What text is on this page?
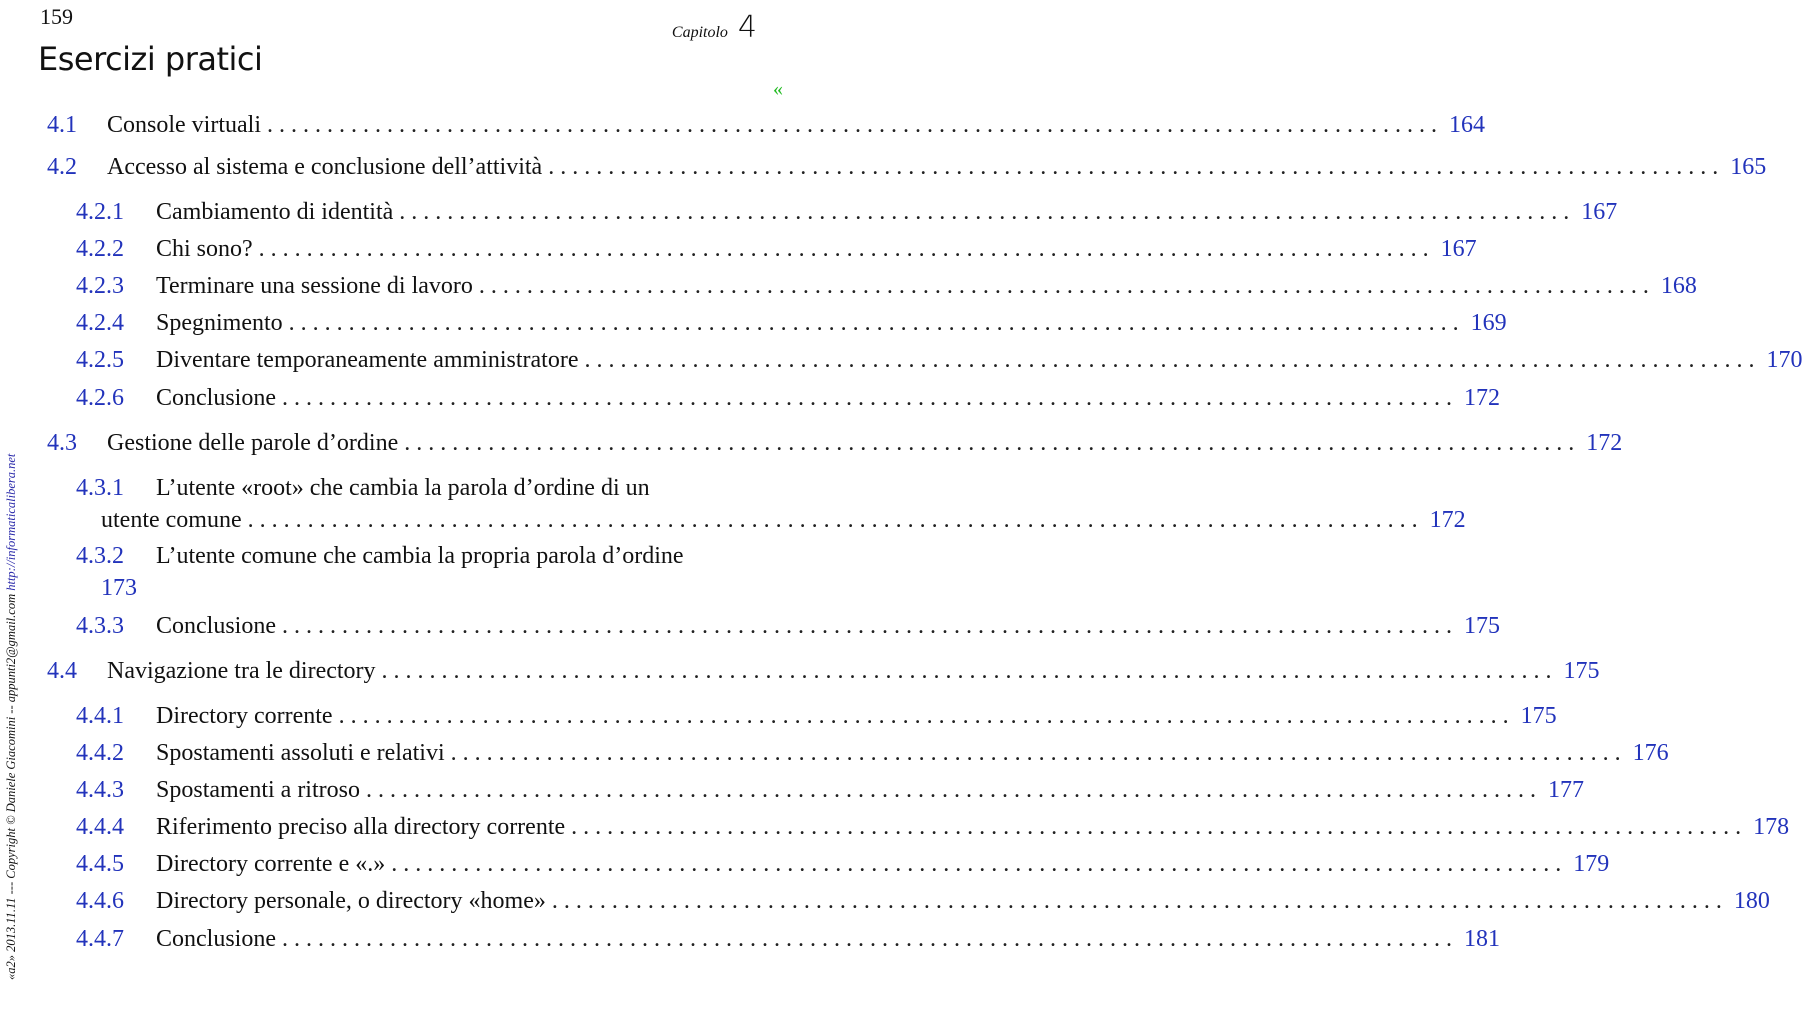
159
Capitolo 4
Esercizi pratici
«
«a2» 2013.11.11 --- Copyright © Daniele Giacomini -- appunti2@gmail.com http://informaticalibera.net
4.1 Console virtuali .................................................................................................. 164
4.2 Accesso al sistema e conclusione dell’attività .................................................................................................. 165
4.2.1 Cambiamento di identità .................................................................................................. 167
4.2.2 Chi sono? .................................................................................................. 167
4.2.3 Terminare una sessione di lavoro .................................................................................................. 168
4.2.4 Spegnimento .................................................................................................. 169
4.2.5 Diventare temporaneamente amministratore .................................................................................................. 170
4.2.6 Conclusione .................................................................................................. 172
4.3 Gestione delle parole d’ordine .................................................................................................. 172
4.3.1 L’utente «root» che cambia la parola d’ordine di un
utente comune .................................................................................................. 172
4.3.2 L’utente comune che cambia la propria parola d’ordine
173
4.3.3 Conclusione .................................................................................................. 175
4.4 Navigazione tra le directory .................................................................................................. 175
4.4.1 Directory corrente .................................................................................................. 175
4.4.2 Spostamenti assoluti e relativi .................................................................................................. 176
4.4.3 Spostamenti a ritroso .................................................................................................. 177
4.4.4 Riferimento preciso alla directory corrente .................................................................................................. 178
4.4.5 Directory corrente e «.» .................................................................................................. 179
4.4.6 Directory personale, o directory «home» .................................................................................................. 180
4.4.7 Conclusione .................................................................................................. 181
